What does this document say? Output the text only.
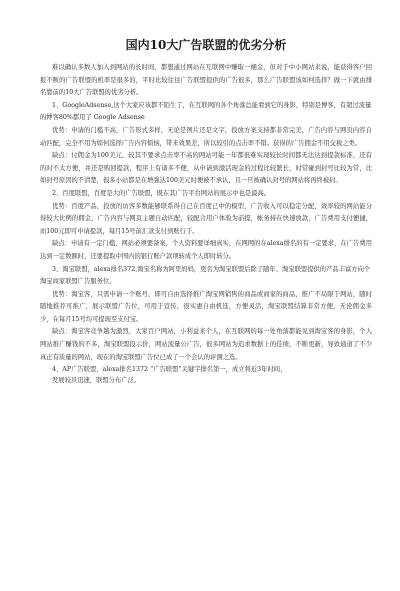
国内10大广告联盟的优劣分析

难以确认多数人加入到网站的长时间，都想通过网站在互联网中赚取一桶金，但对于中小网站来说，能获得客户回报不断的广告联盟的机率是很多的，平时比较往往广告联盟提供的广告很多，那么广告联盟该如何选择？做一下就由排名靠前的10大广告联盟的优劣分析。

1、GoogleAdsense,这个大家应该都不陌生了，在互联网的各个角落总能看到它的身影，特别是博客，有超过流量的博客80%都用了 Google Adsense

优势：申请的门槛不高，广告形式多样，无论是图片还是文字，投放方案支持都非常完美，广告内容与网页内容自动匹配，完全不用为如何选择广告内容烦恼，带来效果差，所以较引的点击率不错。获得的广告佣金不用交税之类。

缺点：付佣金为100美元，较其不要求点击率不高的网站可能一年都很难实现较长时间都无法达到提款标准，还有的时不太方便，并还是购回提款，程序上有诸多不便，从申请到激活现金的过程比较繁长，时常碰到封号比较为常，比如封号原因的不清楚，很多小站都是在增强达100美元时便被不承认，且一旦被确认封号的网站将再终被封。

2、百度联盟，百度是大的广告联盟，既在其广告平台网站的展示中也是最高。

优势：百度产品，投放的访客多数能够联系得自己在百度已中的模型，广告收入可以稳定分配，效率较的网站能分得较大比例的佣金，广告内容与网页主题自动匹配，较配合用户体验为前提，帐务持在快速放款，广告费用支付便捷，而100元即可申请提款，每月15号前汇款支付到账行于。

缺点：申请有一定门槛，网站必须要备案，个人资料要详细真实，在网网的在alexa排名的有一定要求，在广告费用达到一定数额时，还要提取中国内的银行账户款项转成个人即时转分。

3、淘宝联盟，alexa排名372,淘宝名称为阿里妈妈，更名为淘宝联盟后除了随年、淘宝联盟提供的产品丰富方向个淘宝商家联盟广告服务位。

优势：淘宝客，只需申请一个账号，即可自由选择推广淘宝网销售的商品或商家的商品，推广不局限于网站，随时随地推荐可推广，展示联盟广告位，可用于宣传，很实惠自由机选，方便灵活，淘宝联盟结算非常方便，无论佣金多少，在每月15号均可提现至支付宝。

缺点：淘宝客竞争越为激烈，大家百户网站，小利益来个人，在互联网的每一处角落都能见到淘宝客的身影，个人网站推广赚钱的不多，淘宝联盟投示价，网站流量公广告，很多网站为追求数据上的佳绩，不断更新，导致通道了不少真正有质量的网站，现在的淘宝联盟广告位已成了一个会认的评测之选。

4、AP广告联盟，alexa排名1372 “广告联盟”关键字排名第一，成立将近3年时间，

发展较具迅速，联盟分布广泛。
